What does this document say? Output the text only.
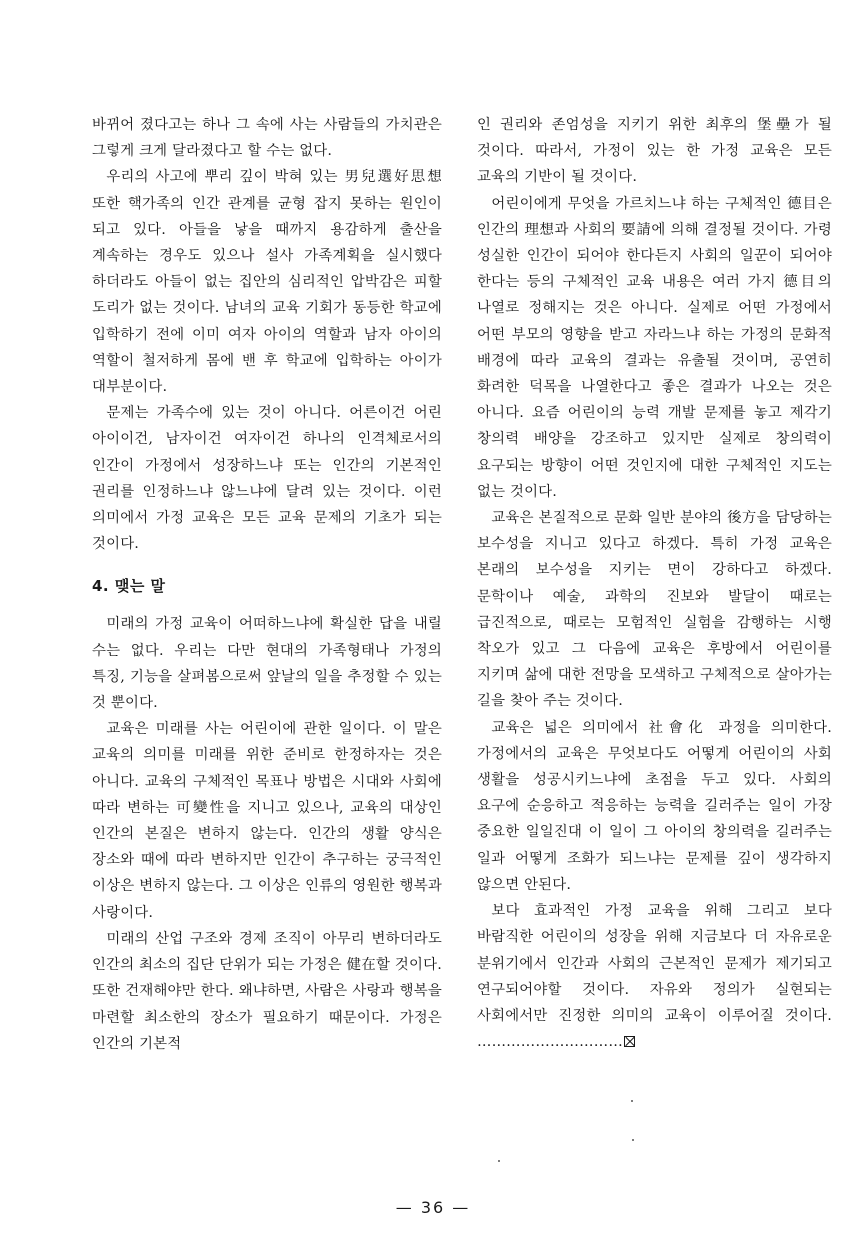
바뀌어 졌다고는 하나 그 속에 사는 사람들의 가치관은 그렇게 크게 달라졌다고 할 수는 없다.

우리의 사고에 뿌리 깊이 박혀 있는 男兒選好思想 또한 핵가족의 인간 관계를 균형 잡지 못하는 원인이 되고 있다. 아들을 낳을 때까지 용감하게 출산을 계속하는 경우도 있으나 설사 가족계획을 실시했다 하더라도 아들이 없는 집안의 심리적인 압박감은 피할 도리가 없는 것이다. 남녀의 교육 기회가 동등한 학교에 입학하기 전에 이미 여자 아이의 역할과 남자 아이의 역할이 철저하게 몸에 밴 후 학교에 입학하는 아이가 대부분이다.

문제는 가족수에 있는 것이 아니다. 어른이건 어린 아이이건, 남자이건 여자이건 하나의 인격체로서의 인간이 가정에서 성장하느냐 또는 인간의 기본적인 권리를 인정하느냐 않느냐에 달려 있는 것이다. 이런 의미에서 가정 교육은 모든 교육 문제의 기초가 되는 것이다.

4. 맺는 말

미래의 가정 교육이 어떠하느냐에 확실한 답을 내릴 수는 없다. 우리는 다만 현대의 가족형태나 가정의 특징, 기능을 살펴봄으로써 앞날의 일을 추정할 수 있는 것 뿐이다.

교육은 미래를 사는 어린이에 관한 일이다. 이 말은 교육의 의미를 미래를 위한 준비로 한정하자는 것은 아니다. 교육의 구체적인 목표나 방법은 시대와 사회에 따라 변하는 可變性을 지니고 있으나, 교육의 대상인 인간의 본질은 변하지 않는다. 인간의 생활 양식은 장소와 때에 따라 변하지만 인간이 추구하는 궁극적인 이상은 변하지 않는다. 그 이상은 인류의 영원한 행복과 사랑이다.

미래의 산업 구조와 경제 조직이 아무리 변하더라도 인간의 최소의 집단 단위가 되는 가정은 健在할 것이다. 또한 건재해야만 한다. 왜냐하면, 사람은 사랑과 행복을 마련할 최소한의 장소가 필요하기 때문이다. 가정은 인간의 기본적

인 권리와 존엄성을 지키기 위한 최후의 堡壘가 될 것이다. 따라서, 가정이 있는 한 가정 교육은 모든 교육의 기반이 될 것이다.

어린이에게 무엇을 가르치느냐 하는 구체적인 德目은 인간의 理想과 사회의 要請에 의해 결정될 것이다. 가령 성실한 인간이 되어야 한다든지 사회의 일꾼이 되어야 한다는 등의 구체적인 교육 내용은 여러 가지 德目의 나열로 정해지는 것은 아니다. 실제로 어떤 가정에서 어떤 부모의 영향을 받고 자라느냐 하는 가정의 문화적 배경에 따라 교육의 결과는 유출될 것이며, 공연히 화려한 덕목을 나열한다고 좋은 결과가 나오는 것은 아니다. 요즘 어린이의 능력 개발 문제를 놓고 제각기 창의력 배양을 강조하고 있지만 실제로 창의력이 요구되는 방향이 어떤 것인지에 대한 구체적인 지도는 없는 것이다.

교육은 본질적으로 문화 일반 분야의 後方을 담당하는 보수성을 지니고 있다고 하겠다. 특히 가정 교육은 본래의 보수성을 지키는 면이 강하다고 하겠다. 문학이나 예술, 과학의 진보와 발달이 때로는 급진적으로, 때로는 모험적인 실험을 감행하는 시행 착오가 있고 그 다음에 교육은 후방에서 어린이를 지키며 삶에 대한 전망을 모색하고 구체적으로 살아가는 길을 찾아 주는 것이다.

교육은 넓은 의미에서 社會化 과정을 의미한다. 가정에서의 교육은 무엇보다도 어떻게 어린이의 사회 생활을 성공시키느냐에 초점을 두고 있다. 사회의 요구에 순응하고 적응하는 능력을 길러주는 일이 가장 중요한 일일진대 이 일이 그 아이의 창의력을 길러주는 일과 어떻게 조화가 되느냐는 문제를 깊이 생각하지 않으면 안된다.

보다 효과적인 가정 교육을 위해 그리고 보다 바람직한 어린이의 성장을 위해 지금보다 더 자유로운 분위기에서 인간과 사회의 근본적인 문제가 제기되고 연구되어야할 것이다. 자유와 정의가 실현되는 사회에서만 진정한 의미의 교육이 이루어질 것이다. …………………………

— 36 —
